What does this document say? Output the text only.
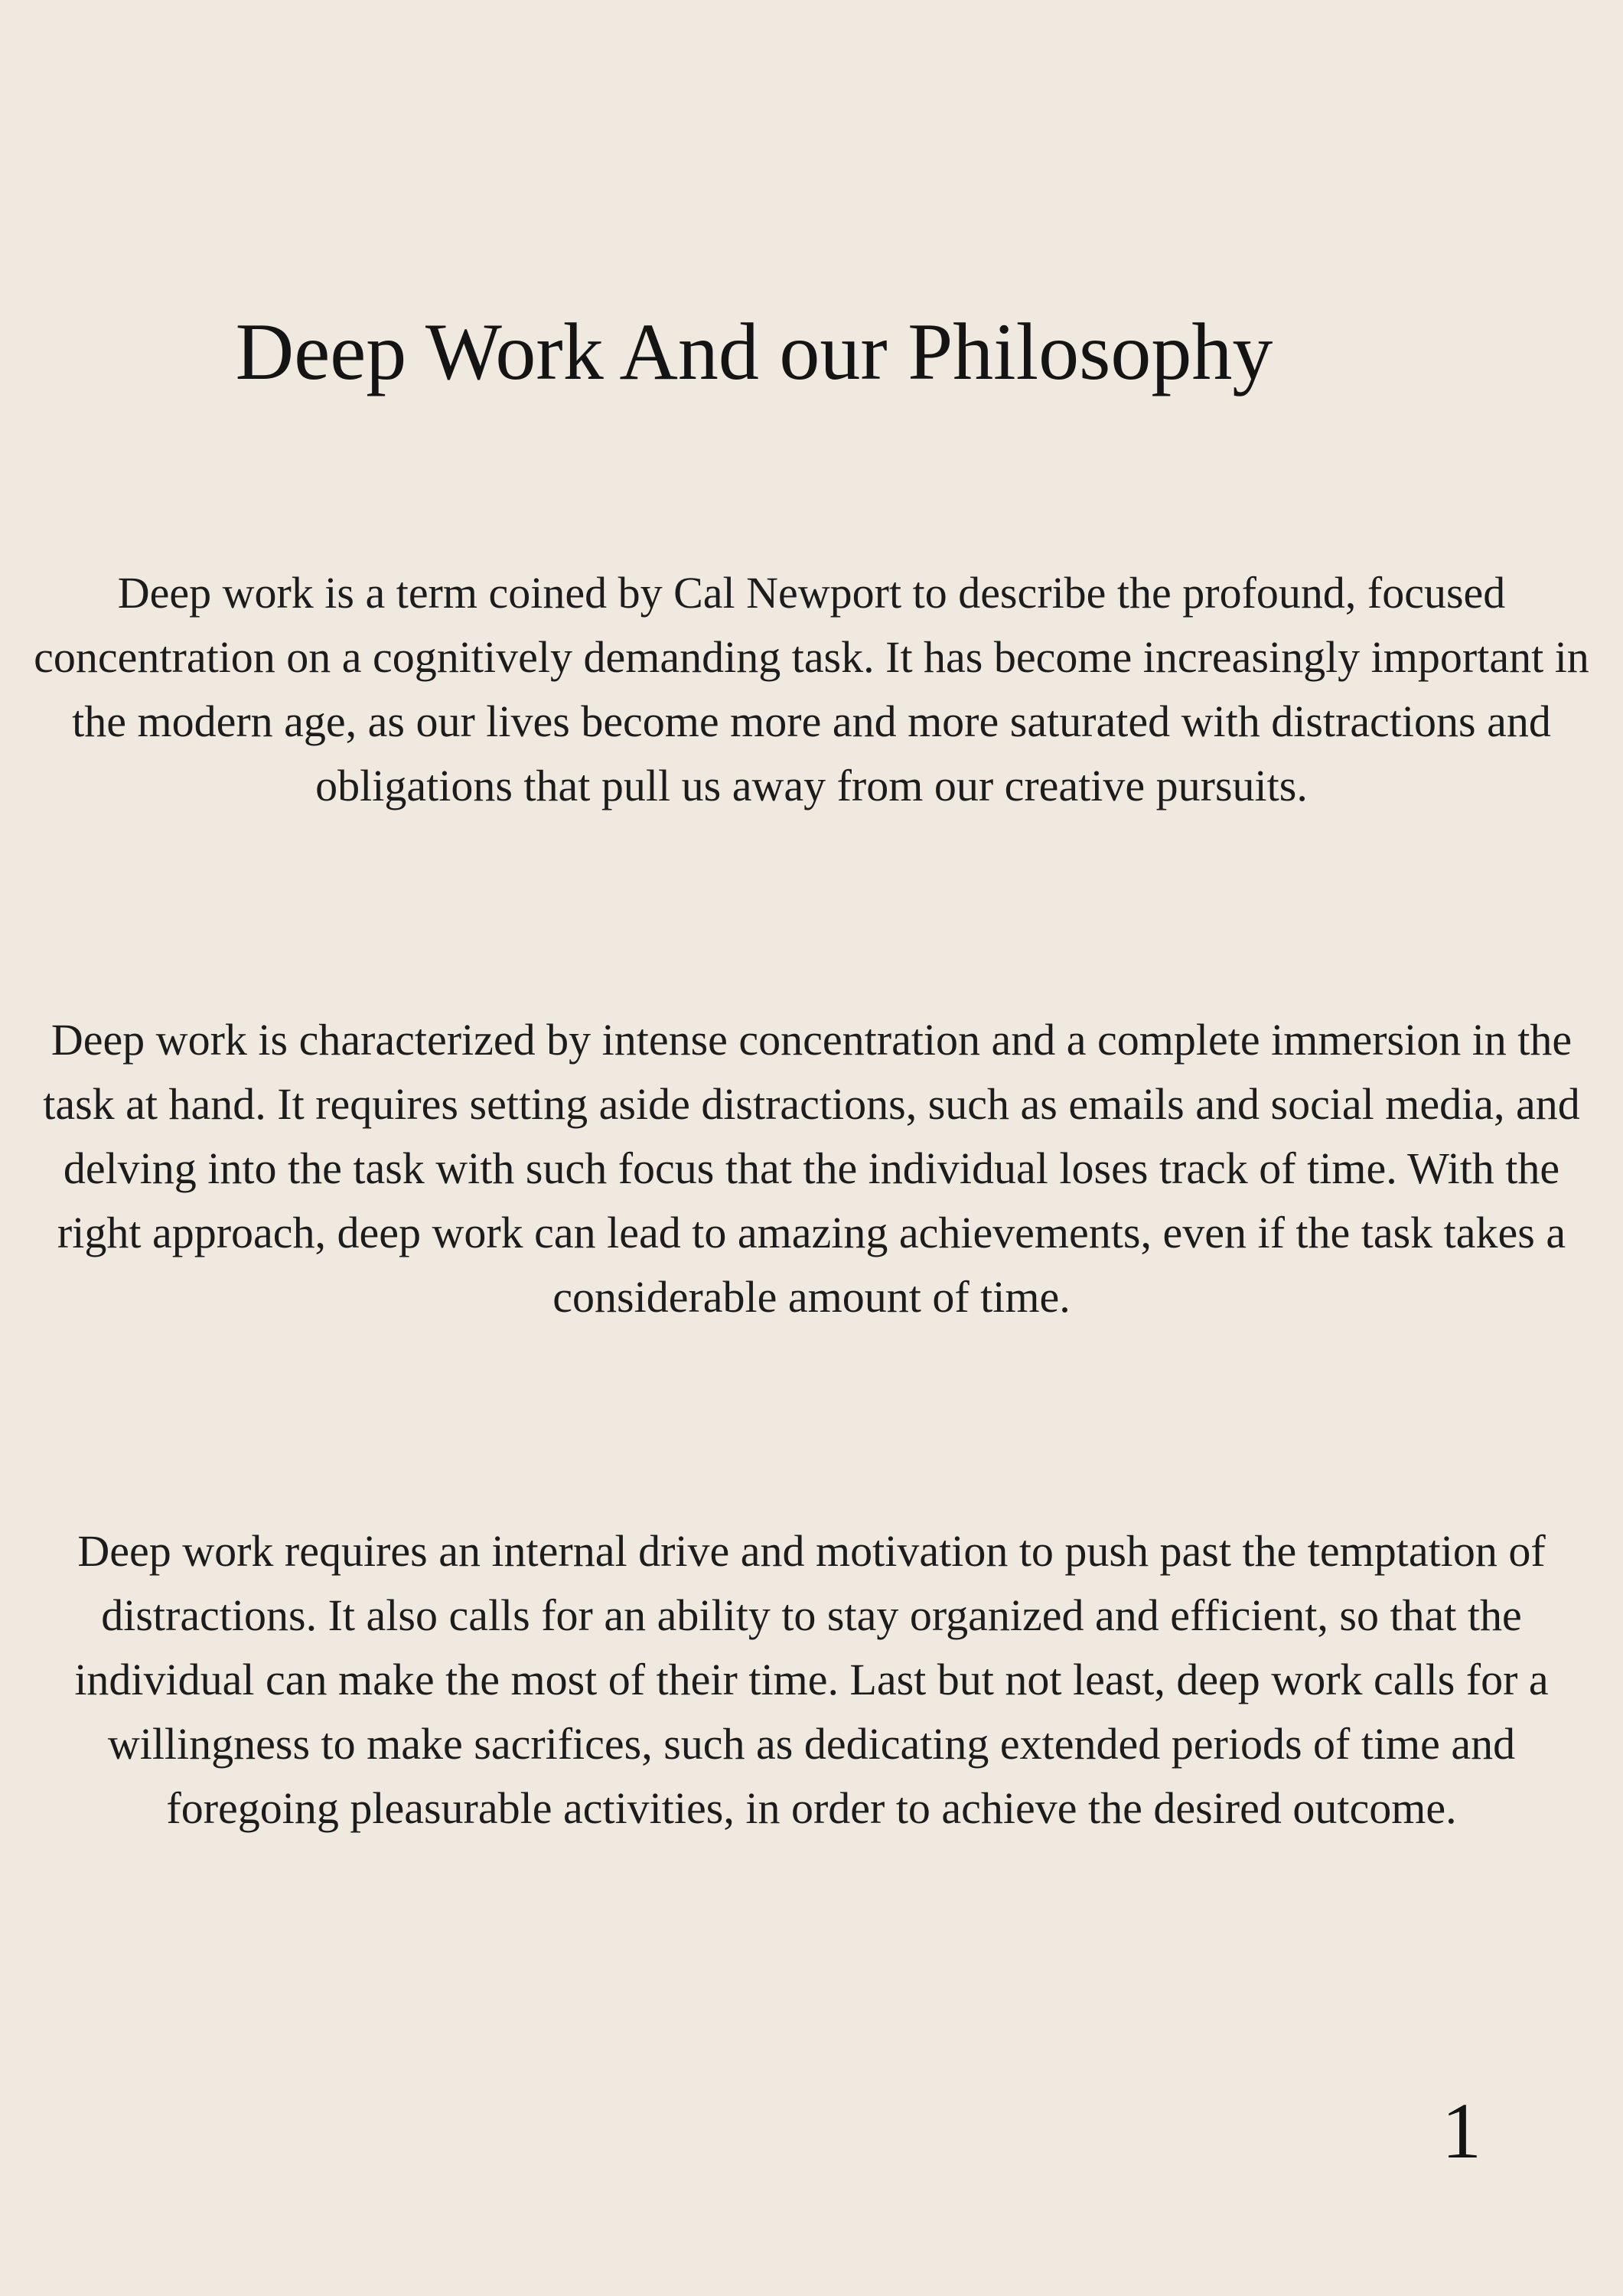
Deep Work And our Philosophy

Deep work is a term coined by Cal Newport to describe the profound, focused concentration on a cognitively demanding task. It has become increasingly important in the modern age, as our lives become more and more saturated with distractions and obligations that pull us away from our creative pursuits.

Deep work is characterized by intense concentration and a complete immersion in the task at hand. It requires setting aside distractions, such as emails and social media, and delving into the task with such focus that the individual loses track of time. With the right approach, deep work can lead to amazing achievements, even if the task takes a considerable amount of time.

Deep work requires an internal drive and motivation to push past the temptation of distractions. It also calls for an ability to stay organized and efficient, so that the individual can make the most of their time. Last but not least, deep work calls for a willingness to make sacrifices, such as dedicating extended periods of time and foregoing pleasurable activities, in order to achieve the desired outcome.

1
